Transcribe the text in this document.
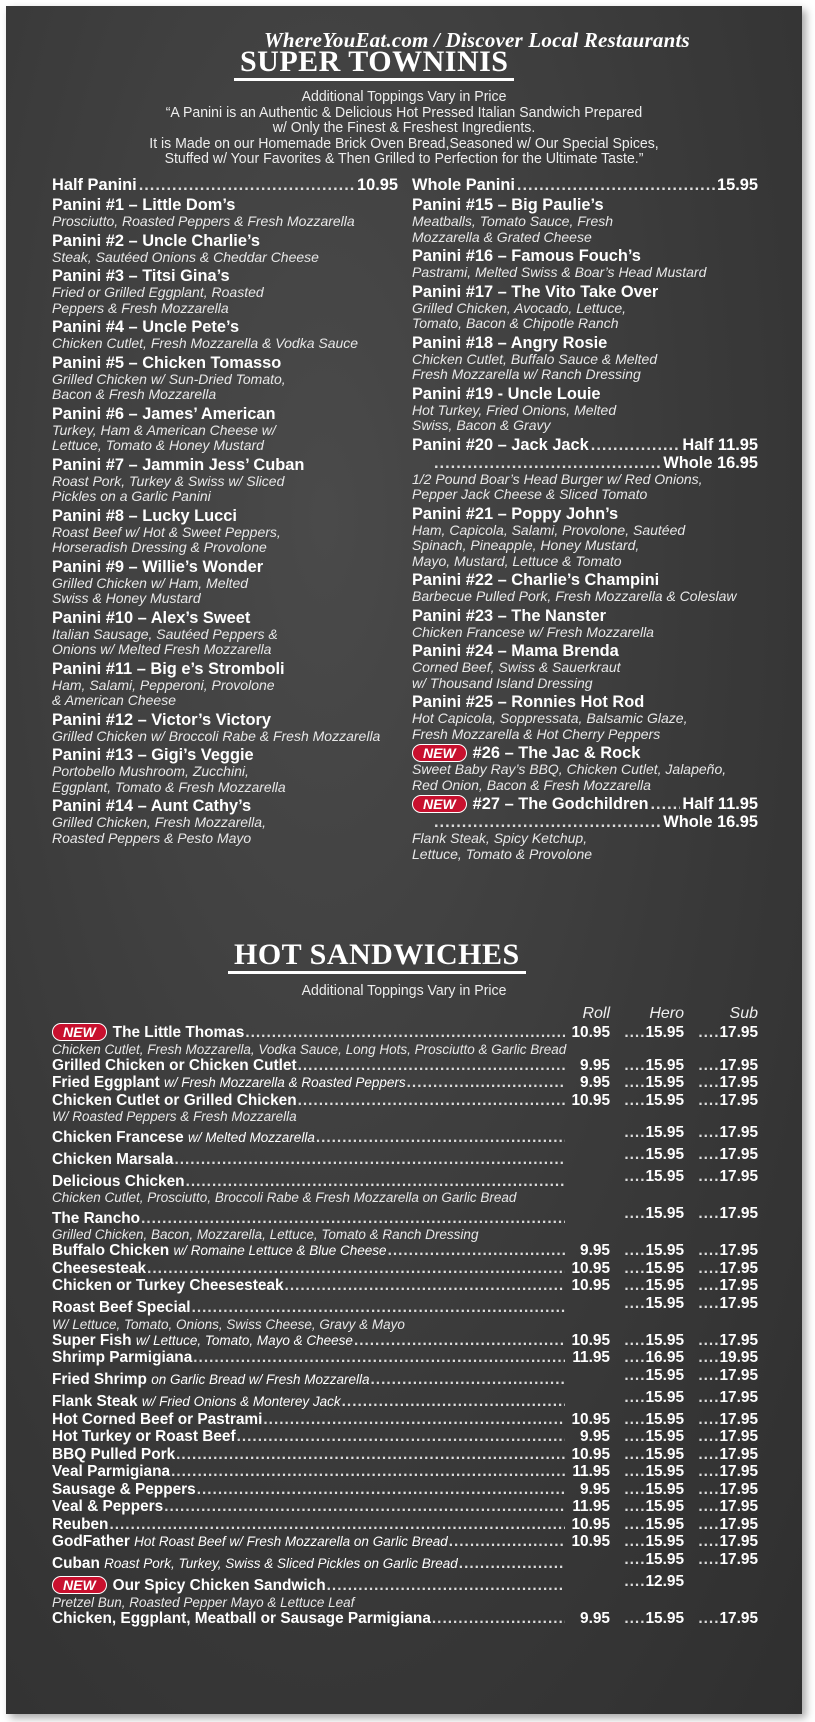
WhereYouEat.com / Discover Local Restaurants
SUPER TOWNINIS
Additional Toppings Vary in Price
“A Panini is an Authentic & Delicious Hot Pressed Italian Sandwich Prepared
w/ Only the Finest & Freshest Ingredients.
It is Made on our Homemade Brick Oven Bread,Seasoned w/ Our Special Spices,
Stuffed w/ Your Favorites & Then Grilled to Perfection for the Ultimate Taste.”
Half Panini .....	10.95
Panini #1 – Little Dom’s
Prosciutto, Roasted Peppers & Fresh Mozzarella
Panini #2 – Uncle Charlie’s
Steak, Sautéed Onions & Cheddar Cheese
Panini #3 – Titsi Gina’s
Fried or Grilled Eggplant, Roasted
Peppers & Fresh Mozzarella
Panini #4 – Uncle Pete’s
Chicken Cutlet, Fresh Mozzarella & Vodka Sauce
Panini #5 – Chicken Tomasso
Grilled Chicken w/ Sun-Dried Tomato,
Bacon & Fresh Mozzarella
Panini #6 – James’ American
Turkey, Ham & American Cheese w/
Lettuce, Tomato & Honey Mustard
Panini #7 – Jammin Jess’ Cuban
Roast Pork, Turkey & Swiss w/ Sliced
Pickles on a Garlic Panini
Panini #8 – Lucky Lucci
Roast Beef w/ Hot & Sweet Peppers,
Horseradish Dressing & Provolone
Panini #9 – Willie’s Wonder
Grilled Chicken w/ Ham, Melted
Swiss & Honey Mustard
Panini #10 – Alex’s Sweet
Italian Sausage, Sautéed Peppers &
Onions w/ Melted Fresh Mozzarella
Panini #11 – Big e’s Stromboli
Ham, Salami, Pepperoni, Provolone
& American Cheese
Panini #12 – Victor’s Victory
Grilled Chicken w/ Broccoli Rabe & Fresh Mozzarella
Panini #13 – Gigi’s Veggie
Portobello Mushroom, Zucchini,
Eggplant, Tomato & Fresh Mozzarella
Panini #14 – Aunt Cathy’s
Grilled Chicken, Fresh Mozzarella,
Roasted Peppers & Pesto Mayo
Whole Panini .....	15.95
Panini #15 – Big Paulie’s
Meatballs, Tomato Sauce, Fresh
Mozzarella & Grated Cheese
Panini #16 – Famous Fouch’s
Pastrami, Melted Swiss & Boar’s Head Mustard
Panini #17 – The Vito Take Over
Grilled Chicken, Avocado, Lettuce,
Tomato, Bacon & Chipotle Ranch
Panini #18 – Angry Rosie
Chicken Cutlet, Buffalo Sauce & Melted
Fresh Mozzarella w/ Ranch Dressing
Panini #19 - Uncle Louie
Hot Turkey, Fried Onions, Melted
Swiss, Bacon & Gravy
Panini #20 – Jack Jack .....	Half 11.95
.....
Whole 16.95
1/2 Pound Boar’s Head Burger w/ Red Onions,
Pepper Jack Cheese & Sliced Tomato
Panini #21 – Poppy John’s
Ham, Capicola, Salami, Provolone, Sautéed
Spinach, Pineapple, Honey Mustard,
Mayo, Mustard, Lettuce & Tomato
Panini #22 – Charlie’s Champini
Barbecue Pulled Pork, Fresh Mozzarella & Coleslaw
Panini #23 – The Nanster
Chicken Francese w/ Fresh Mozzarella
Panini #24 – Mama Brenda
Corned Beef, Swiss & Sauerkraut
w/ Thousand Island Dressing
Panini #25 – Ronnies Hot Rod
Hot Capicola, Soppressata, Balsamic Glaze,
Fresh Mozzarella & Hot Cherry Peppers
NEW #26 – The Jac & Rock
Sweet Baby Ray’s BBQ, Chicken Cutlet, Jalapeño,
Red Onion, Bacon & Fresh Mozzarella
NEW	#27 – The Godchildren ..... Half 11.95
.....
Whole 16.95
Flank Steak, Spicy Ketchup,
Lettuce, Tomato & Provolone
HOT SANDWICHES
Additional Toppings Vary in Price
Roll	Hero	Sub
NEW The Little Thomas .....	10.95 ....15.95 ....17.95
Chicken Cutlet, Fresh Mozzarella, Vodka Sauce, Long Hots, Prosciutto & Garlic Bread
Grilled Chicken or Chicken Cutlet .....	9.95 ....15.95 ....17.95
Fried Eggplant w/ Fresh Mozzarella & Roasted Peppers .....	9.95 ....15.95 ....17.95
Chicken Cutlet or Grilled Chicken .....	10.95 ....15.95 ....17.95
W/ Roasted Peppers & Fresh Mozzarella
Chicken Francese w/ Melted Mozzarella .....	....15.95 ....17.95
Chicken Marsala .....	....15.95 ....17.95
Delicious Chicken .....	....15.95 ....17.95
Chicken Cutlet, Prosciutto, Broccoli Rabe & Fresh Mozzarella on Garlic Bread
The Rancho .....	....15.95 ....17.95
Grilled Chicken, Bacon, Mozzarella, Lettuce, Tomato & Ranch Dressing
Buffalo Chicken w/ Romaine Lettuce & Blue Cheese .....	9.95 ....15.95 ....17.95
Cheesesteak .....	10.95 ....15.95 ....17.95
Chicken or Turkey Cheesesteak .....	10.95 ....15.95 ....17.95
Roast Beef Special .....	....15.95 ....17.95
W/ Lettuce, Tomato, Onions, Swiss Cheese, Gravy & Mayo
Super Fish w/ Lettuce, Tomato, Mayo & Cheese .....	10.95 ....15.95 ....17.95
Shrimp Parmigiana .....	11.95 ....16.95 ....19.95
Fried Shrimp on Garlic Bread w/ Fresh Mozzarella .....	....15.95 ....17.95
Flank Steak w/ Fried Onions & Monterey Jack .....	....15.95 ....17.95
Hot Corned Beef or Pastrami .....	10.95 ....15.95 ....17.95
Hot Turkey or Roast Beef .....	9.95 ....15.95 ....17.95
BBQ Pulled Pork .....	10.95 ....15.95 ....17.95
Veal Parmigiana .....	11.95 ....15.95 ....17.95
Sausage & Peppers .....	9.95 ....15.95 ....17.95
Veal & Peppers .....	11.95 ....15.95 ....17.95
Reuben .....	10.95 ....15.95 ....17.95
GodFather Hot Roast Beef w/ Fresh Mozzarella on Garlic Bread .....	10.95 ....15.95 ....17.95
Cuban Roast Pork, Turkey, Swiss & Sliced Pickles on Garlic Bread .....	....15.95 ....17.95
NEW Our Spicy Chicken Sandwich .....	....12.95
Pretzel Bun, Roasted Pepper Mayo & Lettuce Leaf
Chicken, Eggplant, Meatball or Sausage Parmigiana .....	9.95 ....15.95 ....17.95
